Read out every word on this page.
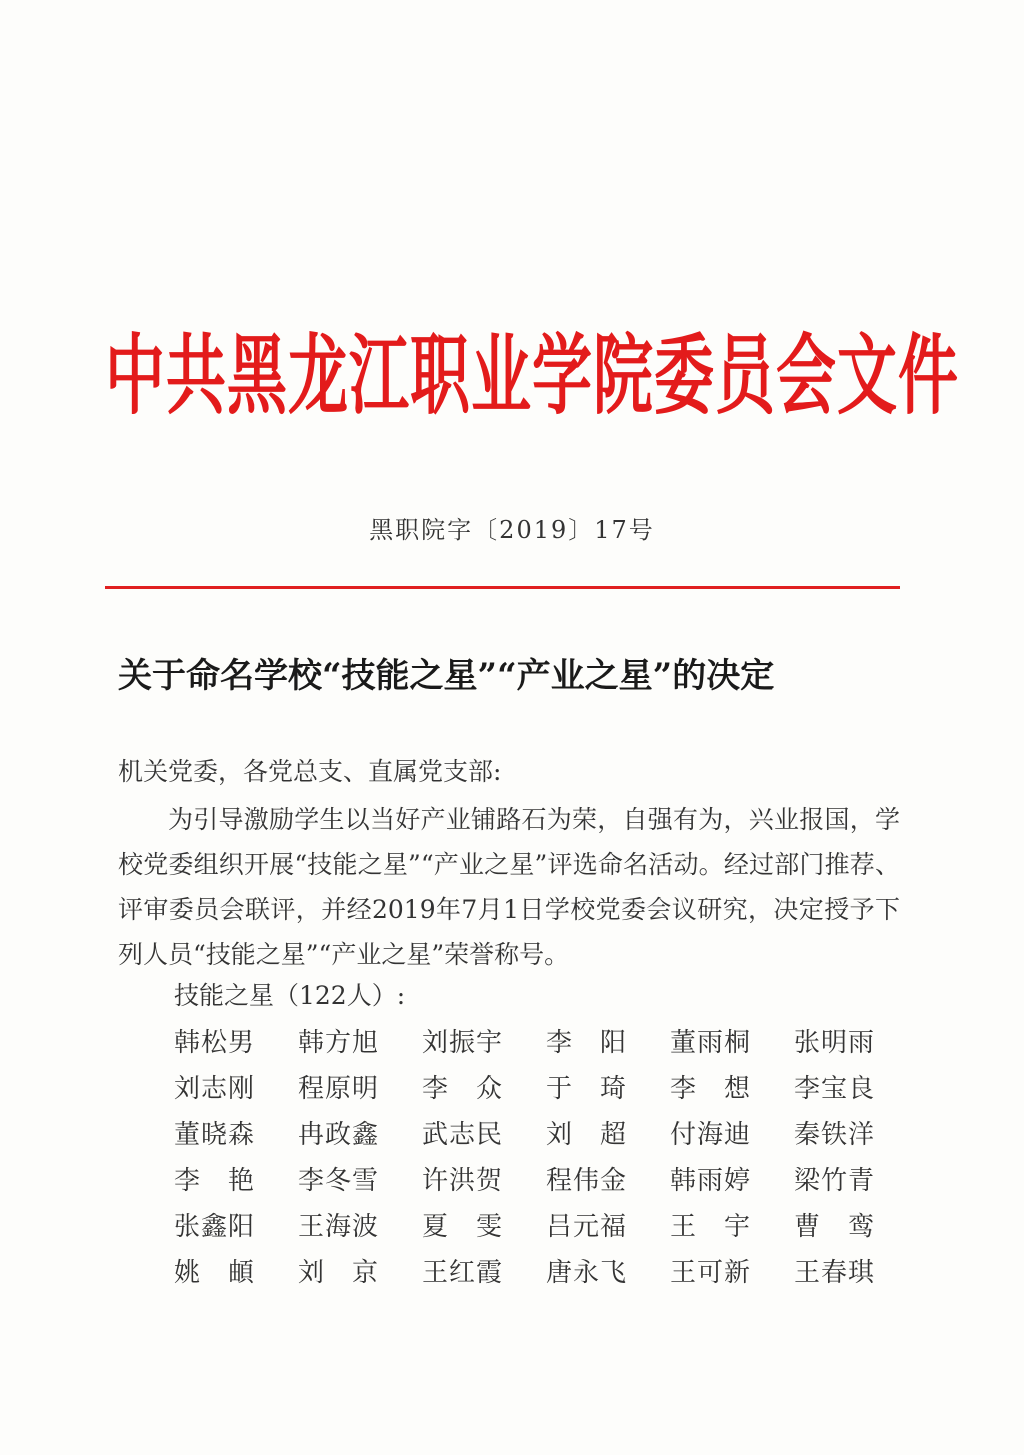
中共黑龙江职业学院委员会文件
黑职院字〔2019〕17号
关于命名学校“技能之星”“产业之星”的决定
机关党委，各党总支、直属党支部:
为引导激励学生以当好产业铺路石为荣，自强有为，兴业报国，学校党委组织开展“技能之星”“产业之星”评选命名活动。经过部门推荐、评审委员会联评，并经2019年7月1日学校党委会议研究，决定授予下列人员“技能之星”“产业之星”荣誉称号。
技能之星（122人）:
韩松男	韩方旭	刘振宇	李　阳	董雨桐	张明雨
刘志刚	程原明	李　众	于　琦	李　想	李宝良
董晓森	冉政鑫	武志民	刘　超	付海迪	秦铁洋
李　艳	李冬雪	许洪贺	程伟金	韩雨婷	梁竹青
张鑫阳	王海波	夏　雯	吕元福	王　宇	曹　鸾
姚　頔	刘　京	王红霞	唐永飞	王可新	王春琪
